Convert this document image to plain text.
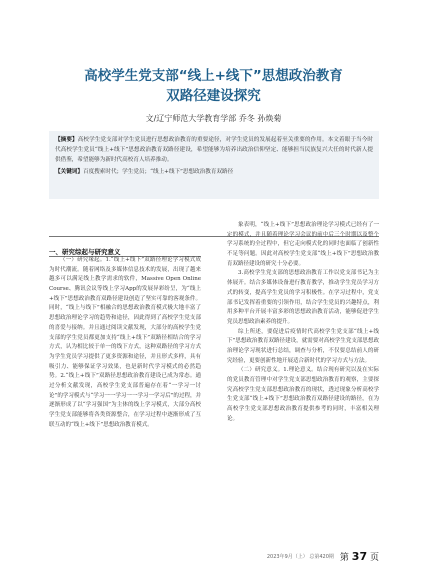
高校学生党支部“线上+线下”思想政治教育
双路径建设探究
文/辽宁师范大学教育学部 乔冬 孙焕菊
【摘要】高校学生党支部对学生党员进行思想政治教育的重要途径，对学生党员的发展起着至关重要的作用。本文着眼于当今时代高校学生党员“线上+线下”思想政治教育双路径建设，希望能够为培养出政治信仰坚定、能够担当民族复兴大任的时代新人提供借鉴，希望能够为新时代高校育人培养推动。
【关键词】百度搜索时代；学生党员；“线上+线下”思想政治教育双路径
一、研究综起与研究意义

（一）研究缘起。1.“线上+线下”双路径理论学习模式成为时代潮流。随着网络及多媒体信息技术的发展，出现了越来越多可以满足线上教学需求的软件，Massive Open Online Course、腾讯会议等线上学习App的发展异彩纷呈，为“线上+线下”思想政治教育双路径建设创造了坚实可靠的客观条件。同时，“线上与线下”相融合的思想政治教育模式极大地丰富了思想政治理论学习的趋势和途径，因此得到了高校学生党支部的喜爱与接纳。并且通过阅读文献发现，大部分的高校学生党支部的学生党员都更加支持“线上+线下”双路径相结合的学习方式，认为相比较于单一的线下方式，这种双路径的学习方式为学生党员学习提供了更多资源和途径，并且形式多样，具有吸引力、能够保证学习效果，也是新时代学习模式的必然趋势。2.“线上+线下”双路径思想政治教育建设已成为常态。通过分析文献发现，高校学生党支部普遍存在着“一学习一讨论”的学习模式与“学习一一学习一一学习一学习后”的过程，并逐渐形成了以“学习强国”为主体的线上学习模式，大部分高校学生党支部能够将各类资源整合，在学习过程中逐渐形成了互联互动的“线上+线下”思想政治教育模式。

象表明，“线上+线下”思想政治理论学习模式已经有了一定的模式，并且随着理论学习会议的前中后三个时期以及整个学习系统的全过程中，但它走向模式化的同时也面临了创新性不足等问题。因此对高校学生党支部“线上+线下”思想政治教育双路径建设的研究十分必要。

3.高校学生党支部的思想政治教育工作以党支部书记为主体展开。结合多媒体设备进行教育教学，推动学生党员学习方式的转变，提高学生党员的学习积极性。在学习过程中，党支部书记发挥着重要的引领作用，结合学生党员的兴趣特点，利用多种平台开展丰富多彩的思想政治教育活动，能够促进学生党员思想政治素养的提升。

综上所述，要促进后疫情时代高校学生党支部“线上+线下”思想政治教育双路径建设，就需要对高校学生党支部思想政治理论学习现状进行总结，调查与分析，不仅要总结前人的研究经验，更要创新性地开展适合新时代的学习方式与方法。

（二）研究意义。1.理论意义。结合现有研究以及在实际的党员教育管理中对学生党支部思想政治教育的观察，主要探究高校学生党支部思想政治教育的现状，透过现象分析高校学生党支部“线上+线下”思想政治教育双路径建设的路径，在为高校学生党支部思想政治教育提供参考的同时，丰富相关理论。

2023年9月（上） 总第420期 第 37 页
